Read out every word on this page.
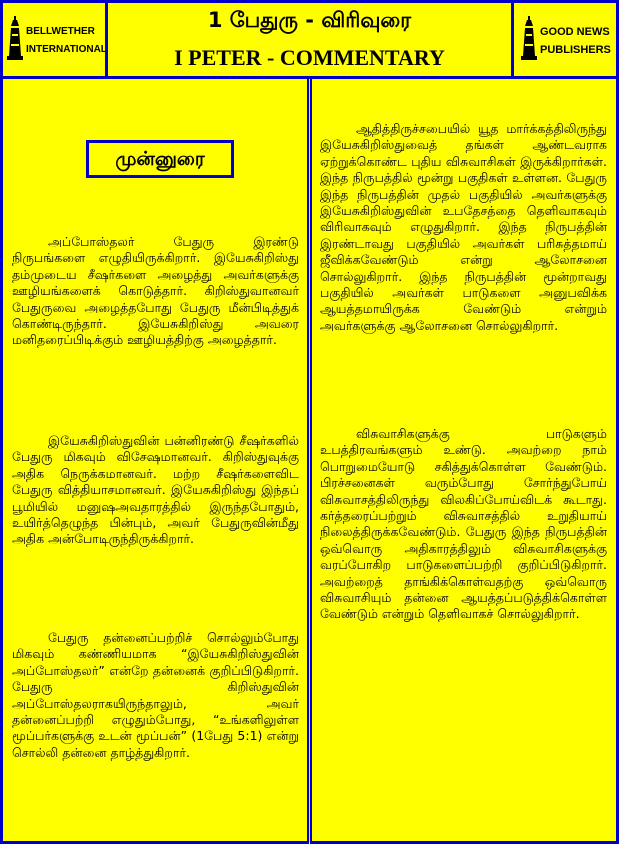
BELLWETHER
INTERNATIONAL
1 பேதுரு - விரிவுரை
I PETER - COMMENTARY
GOOD NEWS
PUBLISHERS
முன்னுரை

அப்போஸ்தலர் பேதுரு இரண்டு நிருபங்களை எழுதியிருக்கிறார். இயேசுகிறிஸ்து தம்முடைய சீஷர்களை அழைத்து அவர்களுக்கு ஊழியங்களைக் கொடுத்தார். கிறிஸ்துவானவர் பேதுருவை அழைத்தபோது பேதுரு மீன்பிடித்துக் கொண்டிருந்தார். இயேசுகிறிஸ்து அவரை மனிதரைப்பிடிக்கும் ஊழியத்திற்கு அழைத்தார்.

இயேசுகிறிஸ்துவின் பன்னிரண்டு சீஷர்களில் பேதுரு மிகவும் விசேஷமானவர். கிறிஸ்துவுக்கு அதிக நெருக்கமானவர். மற்ற சீஷர்களைவிட பேதுரு வித்தியாசமானவர். இயேசுகிறிஸ்து இந்தப் பூமியில் மனுஷஅவதாரத்தில் இருந்தபோதும், உயிர்த்தெழுந்த பின்பும், அவர் பேதுருவின்மீது அதிக அன்போடிருந்திருக்கிறார்.

பேதுரு தன்னைப்பற்றிச் சொல்லும்போது மிகவும் கண்ணியமாக “இயேசுகிறிஸ்துவின் அப்போஸ்தலர்” என்றே தன்னைக் குறிப்பிடுகிறார். பேதுரு கிறிஸ்துவின் அப்போஸ்தலராகயிருந்தாலும், அவர் தன்னைப்பற்றி எழுதும்போது, “உங்களிலுள்ள மூப்பர்களுக்கு உடன் மூப்பன்” (1பேது 5:1) என்று சொல்லி தன்னை தாழ்த்துகிறார்.

ஆதித்திருச்சபையில் யூத மார்க்கத்திலிருந்து இயேசுகிறிஸ்துவைத் தங்கள் ஆண்டவராக ஏற்றுக்கொண்ட புதிய விசுவாசிகள் இருக்கிறார்கள். இந்த நிருபத்தில் மூன்று பகுதிகள் உள்ளன. பேதுரு இந்த நிருபத்தின் முதல் பகுதியில் அவர்களுக்கு இயேசுகிறிஸ்துவின் உபதேசத்தை தெளிவாகவும் விரிவாகவும் எழுதுகிறார். இந்த நிருபத்தின் இரண்டாவது பகுதியில் அவர்கள் பரிசுத்தமாய் ஜீவிக்கவேண்டும் என்று ஆலோசனை சொல்லுகிறார். இந்த நிருபத்தின் மூன்றாவது பகுதியில் அவர்கள் பாடுகளை அனுபவிக்க ஆயத்தமாயிருக்க வேண்டும் என்றும் அவர்களுக்கு ஆலோசனை சொல்லுகிறார்.

விசுவாசிகளுக்கு பாடுகளும் உபத்திரவங்களும் உண்டு. அவற்றை நாம் பொறுமையோடு சகித்துக்கொள்ள வேண்டும். பிரச்சனைகள் வரும்போது சோர்ந்துபோய் விசுவாசத்திலிருந்து விலகிப்போய்விடக் கூடாது. கர்த்தரைப்பற்றும் விசுவாசத்தில் உறுதியாய் நிலைத்திருக்கவேண்டும். பேதுரு இந்த நிருபத்தின் ஒவ்வொரு அதிகாரத்திலும் விசுவாசிகளுக்கு வரப்போகிற பாடுகளைப்பற்றி குறிப்பிடுகிறார். அவற்றைத் தாங்கிக்கொள்வதற்கு ஒவ்வொரு விசுவாசியும் தன்னை ஆயத்தப்படுத்திக்கொள்ள வேண்டும் என்றும் தெளிவாகச் சொல்லுகிறார்.
